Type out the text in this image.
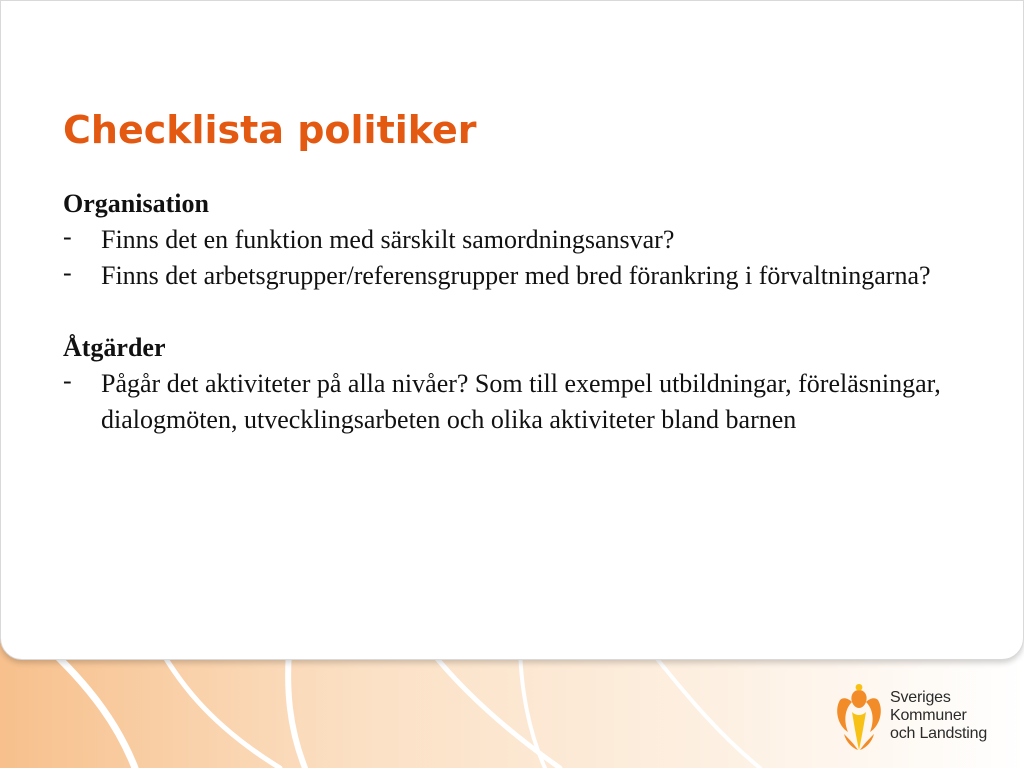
Checklista politiker

Organisation

- Finns det en funktion med särskilt samordningsansvar?
- Finns det arbetsgrupper/referensgrupper med bred förankring i förvaltningarna?

Åtgärder

- Pågår det aktiviteter på alla nivåer? Som till exempel utbildningar, föreläsningar, dialogmöten, utvecklingsarbeten och olika aktiviteter bland barnen
Sveriges
Kommuner
och Landsting
